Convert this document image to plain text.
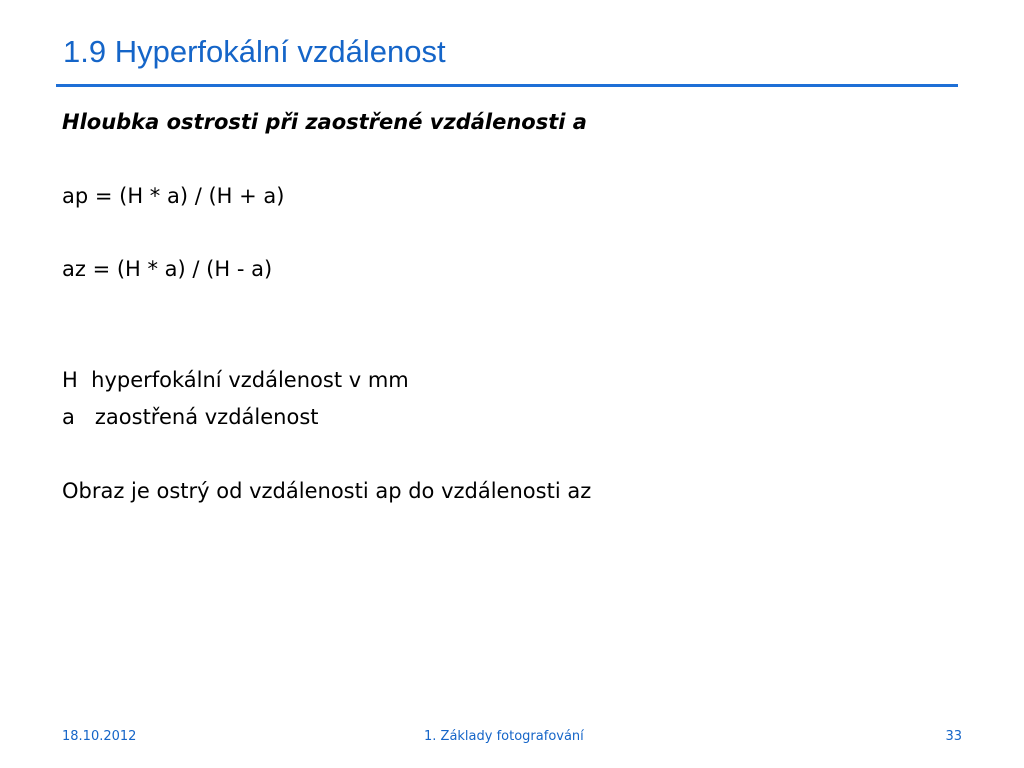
1.9 Hyperfokální vzdálenost
Hloubka ostrosti při zaostřené vzdálenosti a
ap = (H * a) / (H + a)
az = (H * a) / (H - a)
H  hyperfokální vzdálenost v mm
a   zaostřená vzdálenost
Obraz je ostrý od vzdálenosti ap do vzdálenosti az
18.10.2012	1. Základy fotografování	33
